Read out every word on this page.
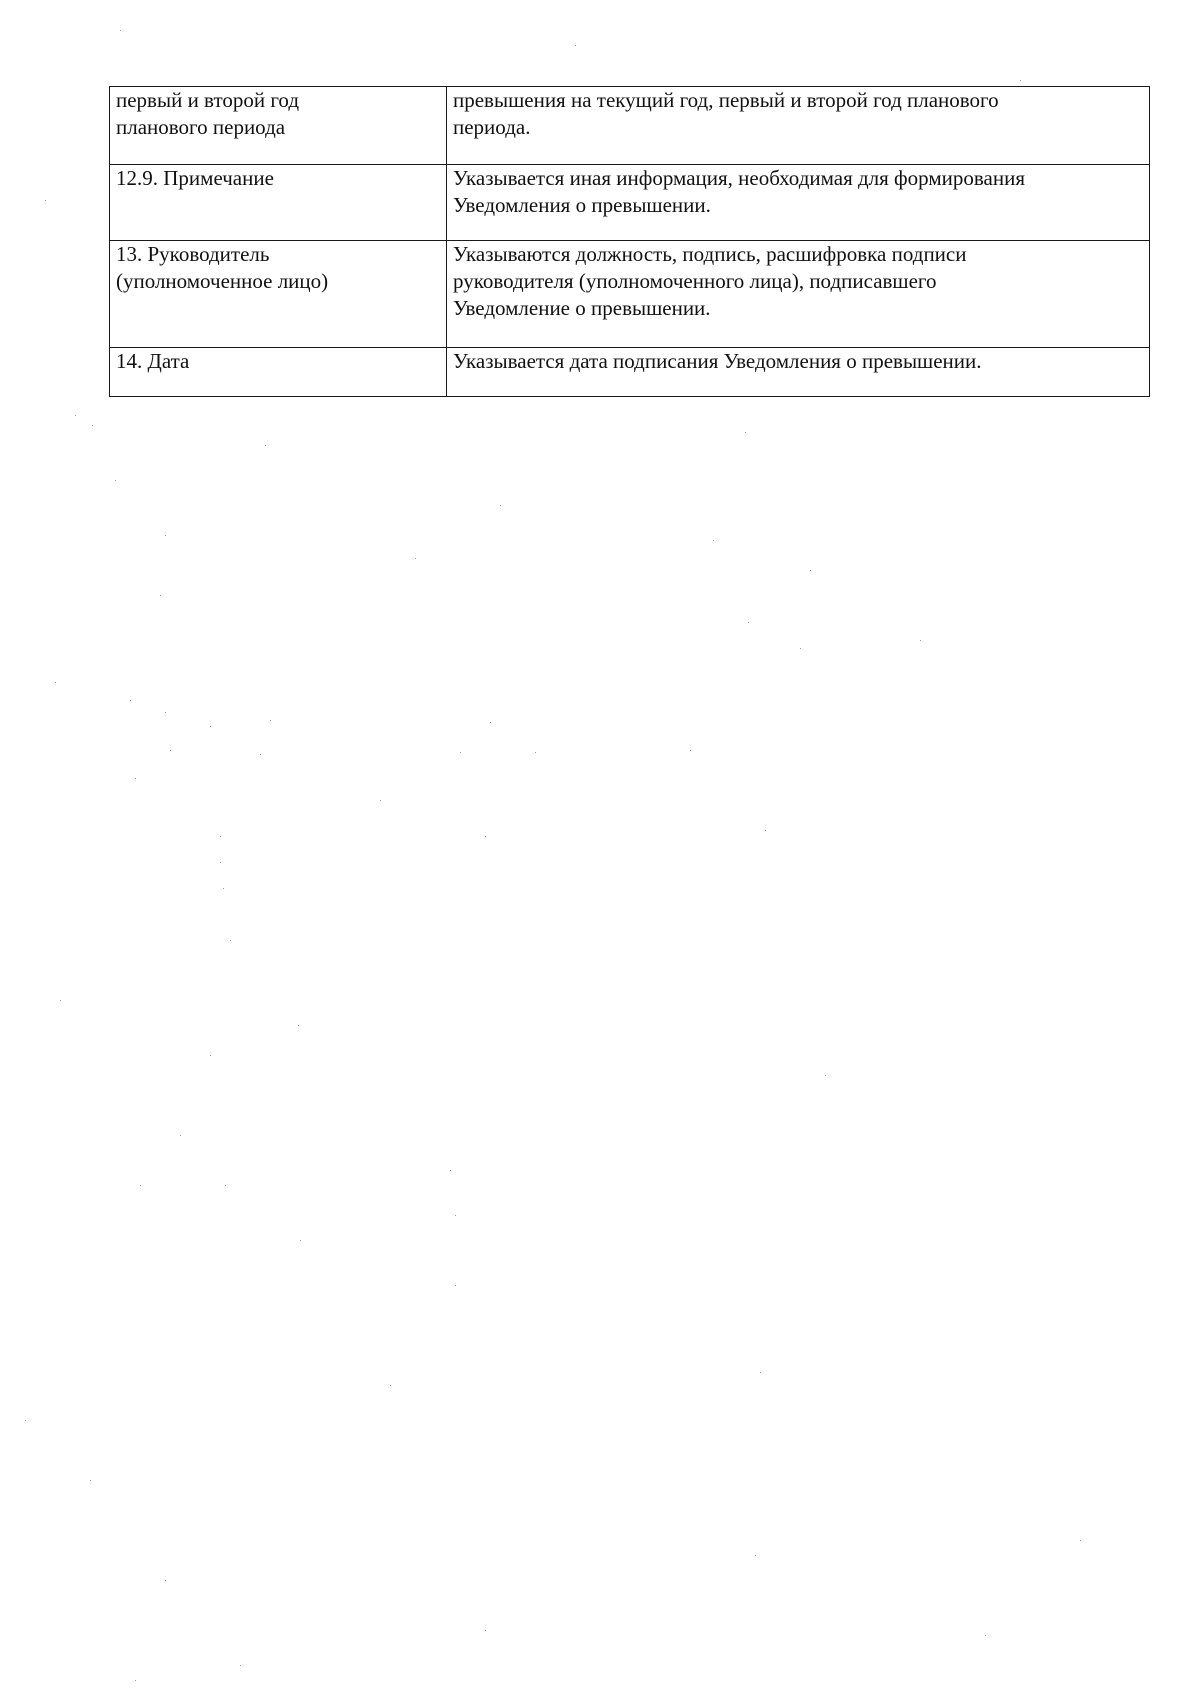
первый и второй год
планового периода	превышения на текущий год, первый и второй год планового
периода.

12.9. Примечание	Указывается иная информация, необходимая для формирования
Уведомления о превышении.

13. Руководитель
(уполномоченное лицо)	Указываются должность, подпись, расшифровка подписи
руководителя (уполномоченного лица), подписавшего
Уведомление о превышении.

14. Дата	Указывается дата подписания Уведомления о превышении.
